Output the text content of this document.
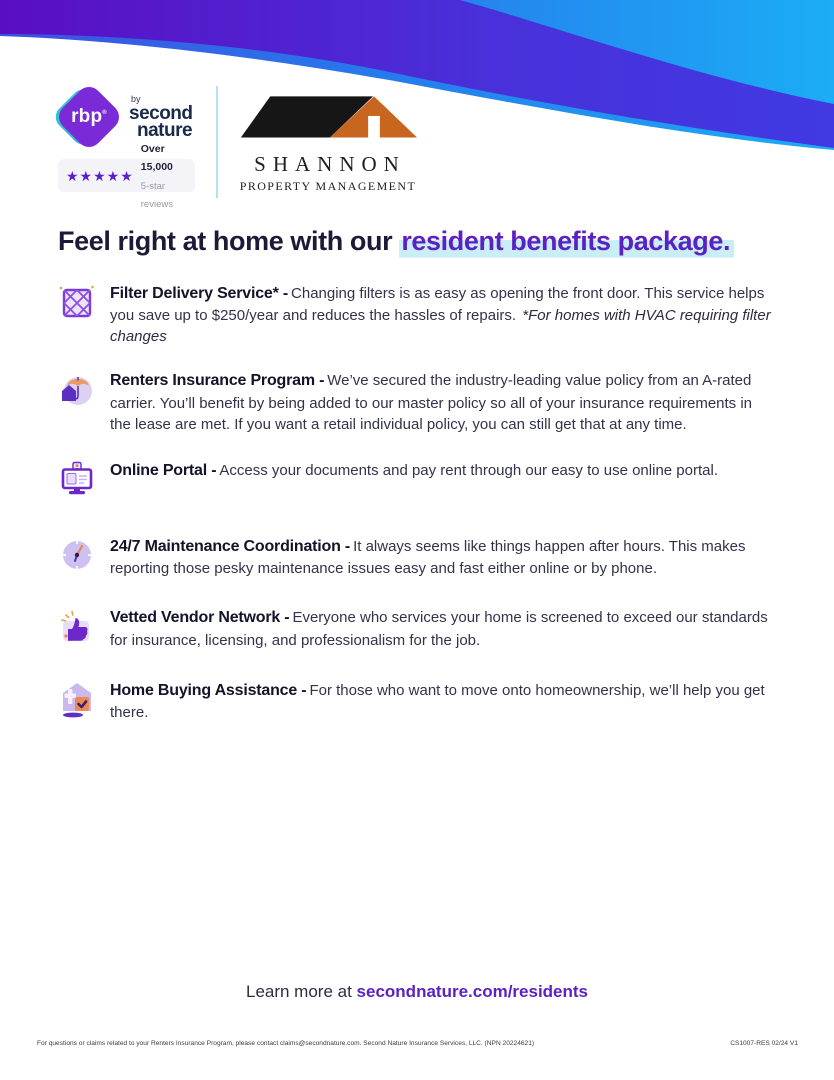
rbp®
by
second
nature
★★★★★
Over 15,000
5-star reviews
SHANNON
PROPERTY MANAGEMENT
Feel right at home with our resident benefits package.

Filter Delivery Service* - Changing filters is as easy as opening the front door. This service helps you save up to $250/year and reduces the hassles of repairs. *For homes with HVAC requiring filter changes

Renters Insurance Program - We’ve secured the industry-leading value policy from an A-rated carrier. You’ll benefit by being added to our master policy so all of your insurance requirements in the lease are met. If you want a retail individual policy, you can still get that at any time.

Online Portal - Access your documents and pay rent through our easy to use online portal.

24/7 Maintenance Coordination - It always seems like things happen after hours. This makes reporting those pesky maintenance issues easy and fast either online or by phone.

Vetted Vendor Network - Everyone who services your home is screened to exceed our standards for insurance, licensing, and professionalism for the job.

Home Buying Assistance - For those who want to move onto homeownership, we’ll help you get there.

Learn more at secondnature.com/residents
For questions or claims related to your Renters Insurance Program, please contact claims@secondnature.com. Second Nature Insurance Services, LLC. (NPN 20224621)	CS1007-RES 02/24 V1
